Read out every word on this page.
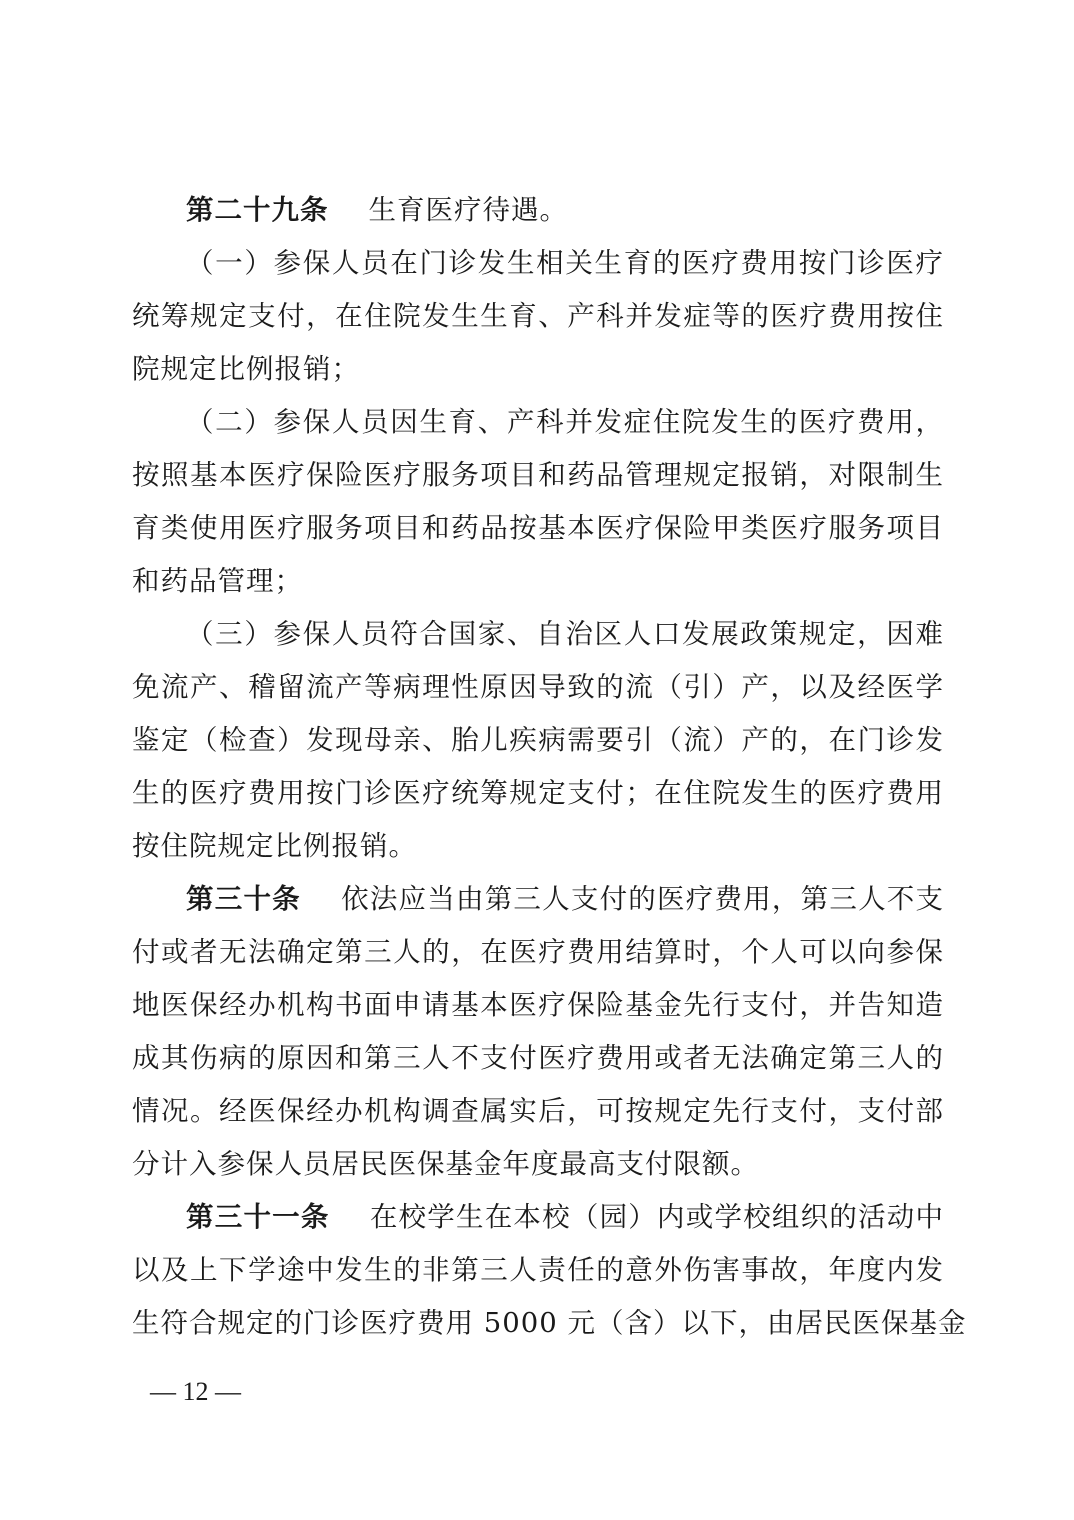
第二十九条 生育医疗待遇。
（一）参保人员在门诊发生相关生育的医疗费用按门诊医疗
统筹规定支付，在住院发生生育、产科并发症等的医疗费用按住
院规定比例报销；
（二）参保人员因生育、产科并发症住院发生的医疗费用，
按照基本医疗保险医疗服务项目和药品管理规定报销，对限制生
育类使用医疗服务项目和药品按基本医疗保险甲类医疗服务项目
和药品管理；
（三）参保人员符合国家、自治区人口发展政策规定，因难
免流产、稽留流产等病理性原因导致的流（引）产，以及经医学
鉴定（检查）发现母亲、胎儿疾病需要引（流）产的，在门诊发
生的医疗费用按门诊医疗统筹规定支付；在住院发生的医疗费用
按住院规定比例报销。
第三十条 依法应当由第三人支付的医疗费用，第三人不支
付或者无法确定第三人的，在医疗费用结算时，个人可以向参保
地医保经办机构书面申请基本医疗保险基金先行支付，并告知造
成其伤病的原因和第三人不支付医疗费用或者无法确定第三人的
情况。经医保经办机构调查属实后，可按规定先行支付，支付部
分计入参保人员居民医保基金年度最高支付限额。
第三十一条 在校学生在本校（园）内或学校组织的活动中
以及上下学途中发生的非第三人责任的意外伤害事故，年度内发
生符合规定的门诊医疗费用 5000 元（含）以下，由居民医保基金
— 12 —
